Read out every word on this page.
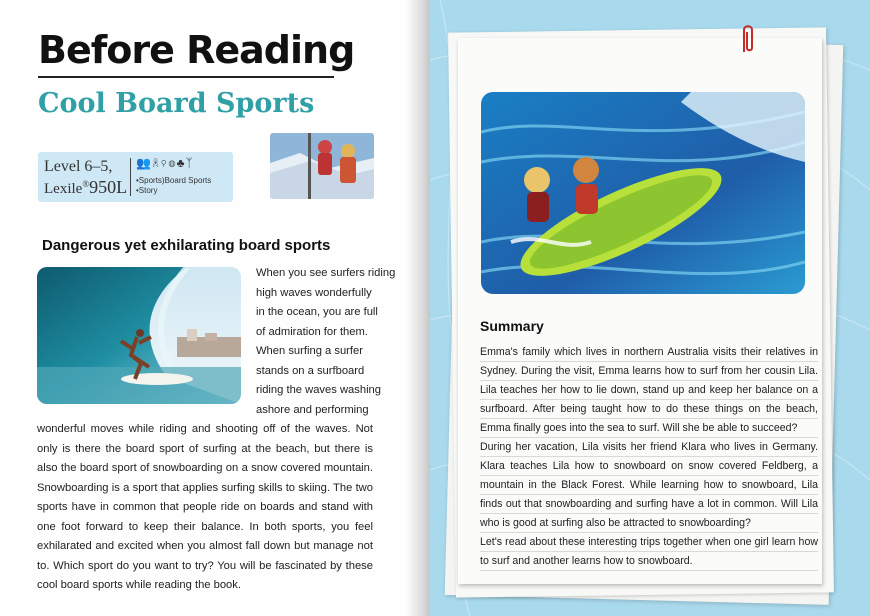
Before Reading
Cool Board Sports
Level 6–5,
Lexile®950L
👥☠⚲◍♣ᛉ
•Sports)Board Sports
•Story
Dangerous yet exhilarating board sports
When you see surfers riding
high waves wonderfully
in the ocean, you are full
of admiration for them.
When surfing a surfer
stands on a surfboard
riding the waves washing
ashore and performing

wonderful moves while riding and shooting off of the waves. Not only is there the board sport of surfing at the beach, but there is also the board sport of snowboarding on a snow covered mountain. Snowboarding is a sport that applies surfing skills to skiing. The two sports have in common that people ride on boards and stand with one foot forward to keep their balance. In both sports, you feel exhilarated and excited when you almost fall down but manage not to. Which sport do you want to try? You will be fascinated by these cool board sports while reading the book.

Summary

Emma's family which lives in northern Australia visits their relatives in Sydney. During the visit, Emma learns how to surf from her cousin Lila. Lila teaches her how to lie down, stand up and keep her balance on a surfboard. After being taught how to do these things on the beach, Emma finally goes into the sea to surf. Will she be able to succeed?

During her vacation, Lila visits her friend Klara who lives in Germany. Klara teaches Lila how to snowboard on snow covered Feldberg, a mountain in the Black Forest. While learning how to snowboard, Lila finds out that snowboarding and surfing have a lot in common. Will Lila who is good at surfing also be attracted to snowboarding?

Let's read about these interesting trips together when one girl learn how to surf and another learns how to snowboard.
